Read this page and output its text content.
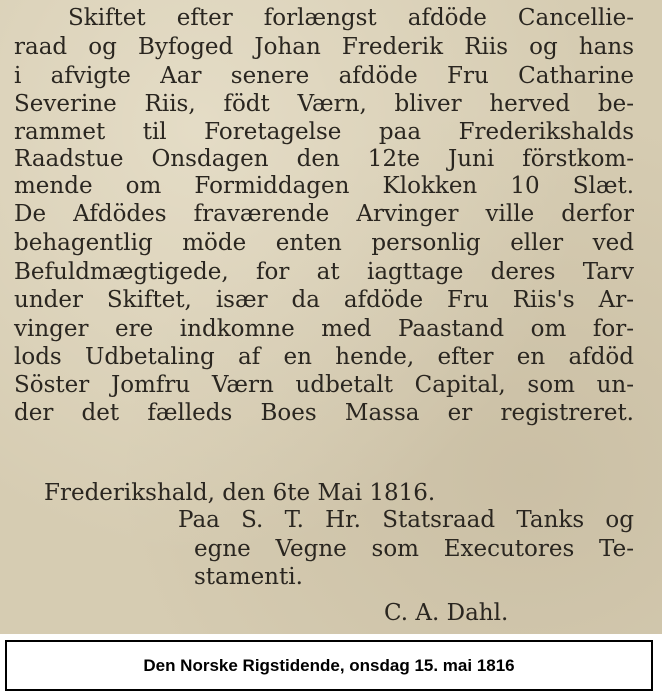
Skiftet efter forlængst afdöde Cancellie-
raad og Byfoged Johan Frederik Riis og hans
i afvigte Aar senere afdöde Fru Catharine
Severine Riis, födt Værn, bliver herved be-
rammet til Foretagelse paa Frederikshalds
Raadstue Onsdagen den 12te Juni förstkom-
mende om Formiddagen Klokken 10 Slæt.
De Afdödes fraværende Arvinger ville derfor
behagentlig möde enten personlig eller ved
Befuldmægtigede, for at iagttage deres Tarv
under Skiftet, især da afdöde Fru Riis's Ar-
vinger ere indkomne med Paastand om for-
lods Udbetaling af en hende, efter en afdöd
Söster Jomfru Værn udbetalt Capital, som un-
der det fælleds Boes Massa er registreret.
Frederikshald, den 6te Mai 1816.
Paa S. T. Hr. Statsraad Tanks og
egne Vegne som Executores Te-
stamenti.
C. A. Dahl.
Den Norske Rigstidende, onsdag 15. mai 1816
